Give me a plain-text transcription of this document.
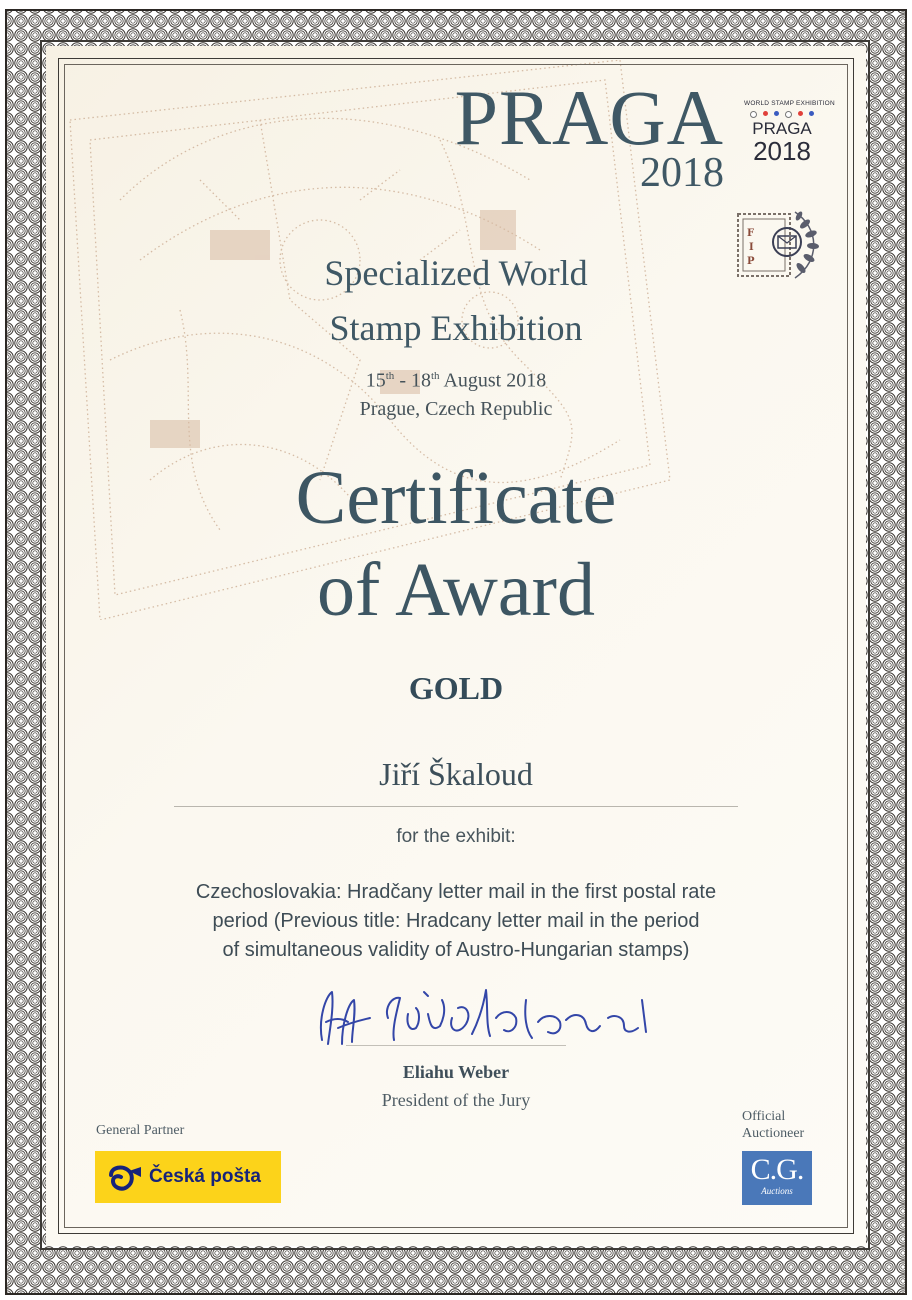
PRAGA
2018
WORLD STAMP EXHIBITION
PRAGA
2018
F
I
P
Specialized World
Stamp Exhibition
15th - 18th August 2018
Prague, Czech Republic
Certificate
of Award
GOLD
Jiří Škaloud
for the exhibit:
Czechoslovakia: Hradčany letter mail in the first postal rate
period (Previous title: Hradcany letter mail in the period
of simultaneous validity of Austro-Hungarian stamps)
Eliahu Weber
President of the Jury
General Partner
Česká pošta
Official
Auctioneer
C.G.
Auctions
